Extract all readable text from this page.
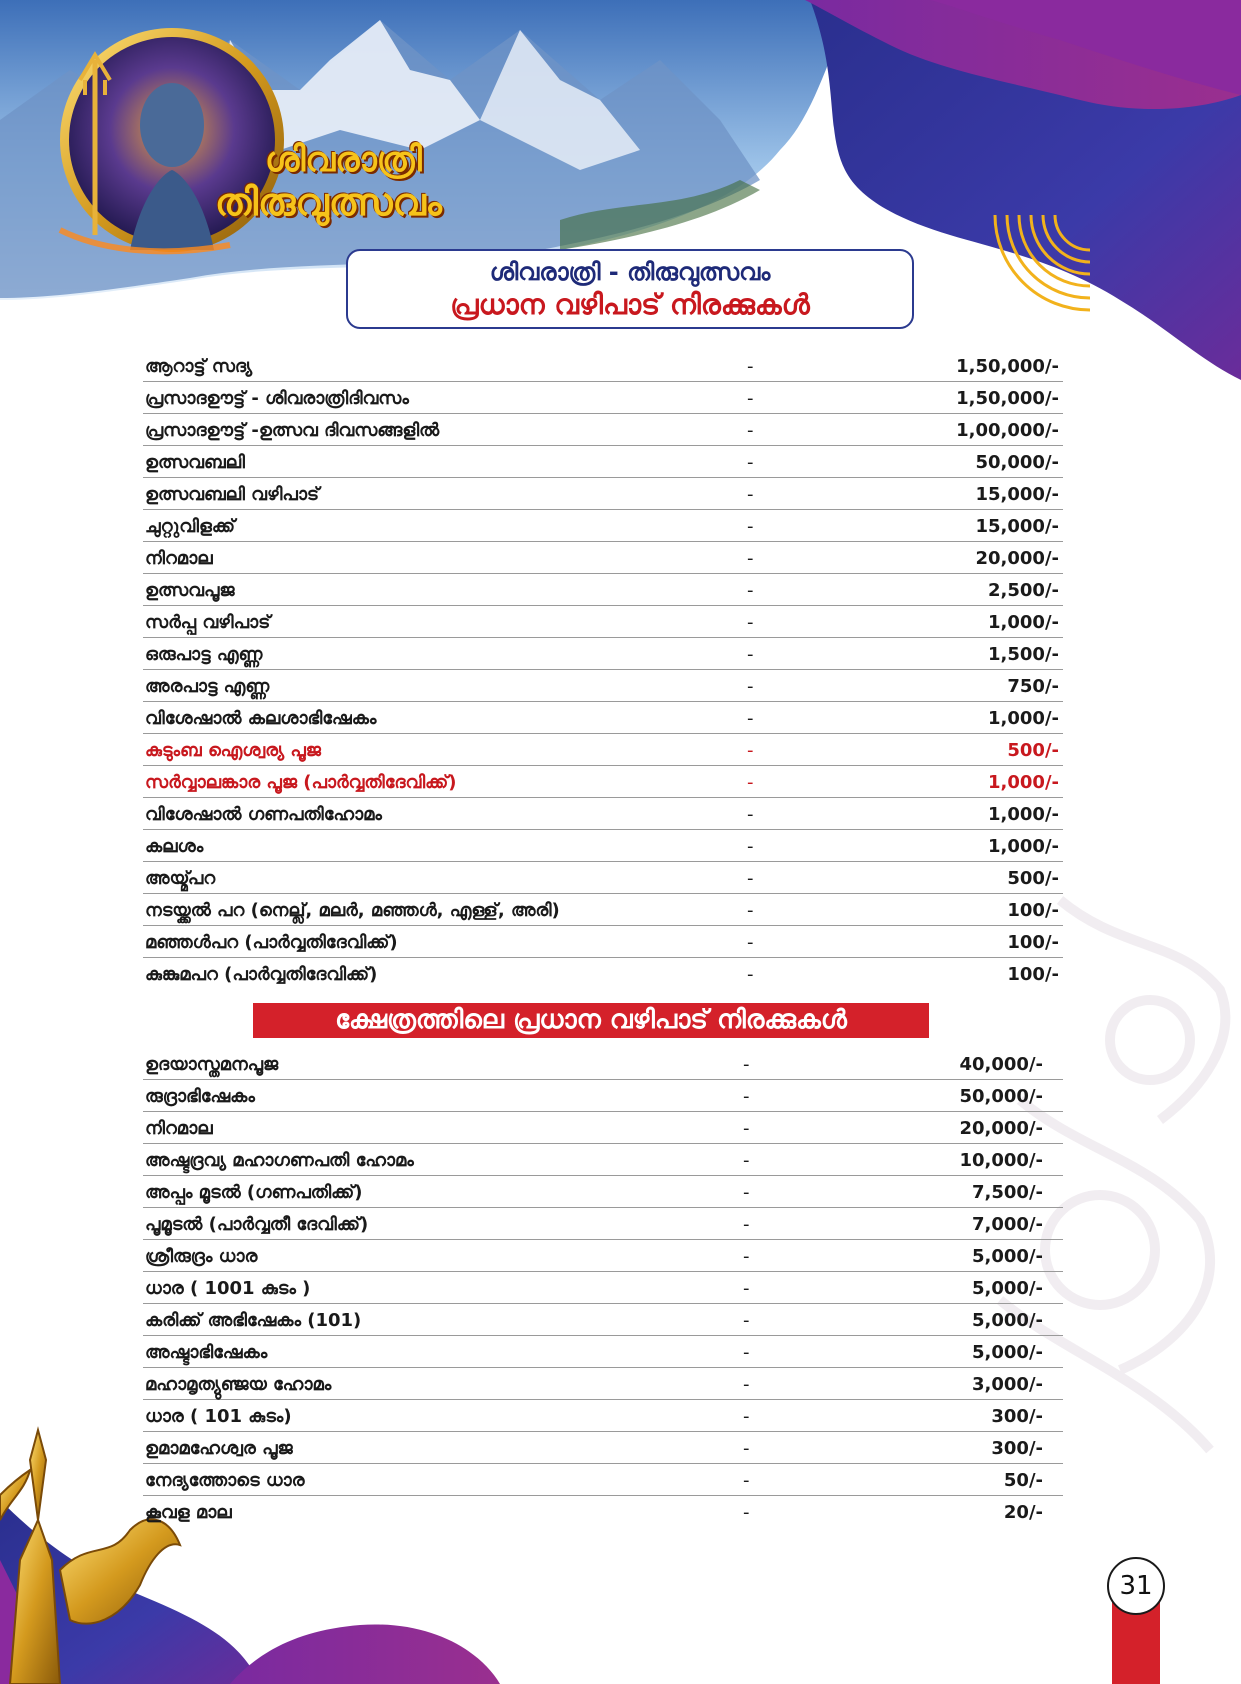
ശിവരാത്രി
തിരുവുത്സവം
ശിവരാത്രി - തിരുവുത്സവം
പ്രധാന വഴിപാട് നിരക്കുകൾ
ആറാട്ട് സദ്യ	-	1,50,000/-
പ്രസാദഊട്ട് - ശിവരാത്രിദിവസം	-	1,50,000/-
പ്രസാദഊട്ട് -ഉത്സവ ദിവസങ്ങളിൽ	-	1,00,000/-
ഉത്സവബലി	-	50,000/-
ഉത്സവബലി വഴിപാട്	-	15,000/-
ചുറ്റുവിളക്ക്	-	15,000/-
നിറമാല	-	20,000/-
ഉത്സവപൂജ	-	2,500/-
സർപ്പ വഴിപാട്	-	1,000/-
ഒരുപാട്ട എണ്ണ	-	1,500/-
അരപാട്ട എണ്ണ	-	750/-
വിശേഷാൽ കലശാഭിഷേകം	-	1,000/-
കുടുംബ ഐശ്വര്യ പൂജ	-	500/-
സർവ്വാലങ്കാര പൂജ (പാർവ്വതിദേവിക്ക്)	-	1,000/-
വിശേഷാൽ ഗണപതിഹോമം	-	1,000/-
കലശം	-	1,000/-
അയ്മ്പറ	-	500/-
നടയ്ക്കൽ പറ (നെല്ല്, മലർ, മഞ്ഞൾ, എള്ള്, അരി)	-	100/-
മഞ്ഞൾപറ (പാർവ്വതിദേവിക്ക്)	-	100/-
കുങ്കുമപറ (പാർവ്വതിദേവിക്ക്)	-	100/-
ക്ഷേത്രത്തിലെ പ്രധാന വഴിപാട് നിരക്കുകൾ
ഉദയാസ്തമനപൂജ	-	40,000/-
രുദ്രാഭിഷേകം	-	50,000/-
നിറമാല	-	20,000/-
അഷ്ടദ്രവ്യ മഹാഗണപതി ഹോമം	-	10,000/-
അപ്പം മൂടൽ (ഗണപതിക്ക്)	-	7,500/-
പൂമൂടൽ (പാർവ്വതീ ദേവിക്ക്)	-	7,000/-
ശ്രീരുദ്രം ധാര	-	5,000/-
ധാര ( 1001 കുടം )	-	5,000/-
കരിക്ക് അഭിഷേകം (101)	-	5,000/-
അഷ്ടാഭിഷേകം	-	5,000/-
മഹാമൃത്യുഞ്ജയ ഹോമം	-	3,000/-
ധാര ( 101 കുടം)	-	300/-
ഉമാമഹേശ്വര പൂജ	-	300/-
നേദ്യത്തോടെ ധാര	-	50/-
കൂവള മാല	-	20/-
31
